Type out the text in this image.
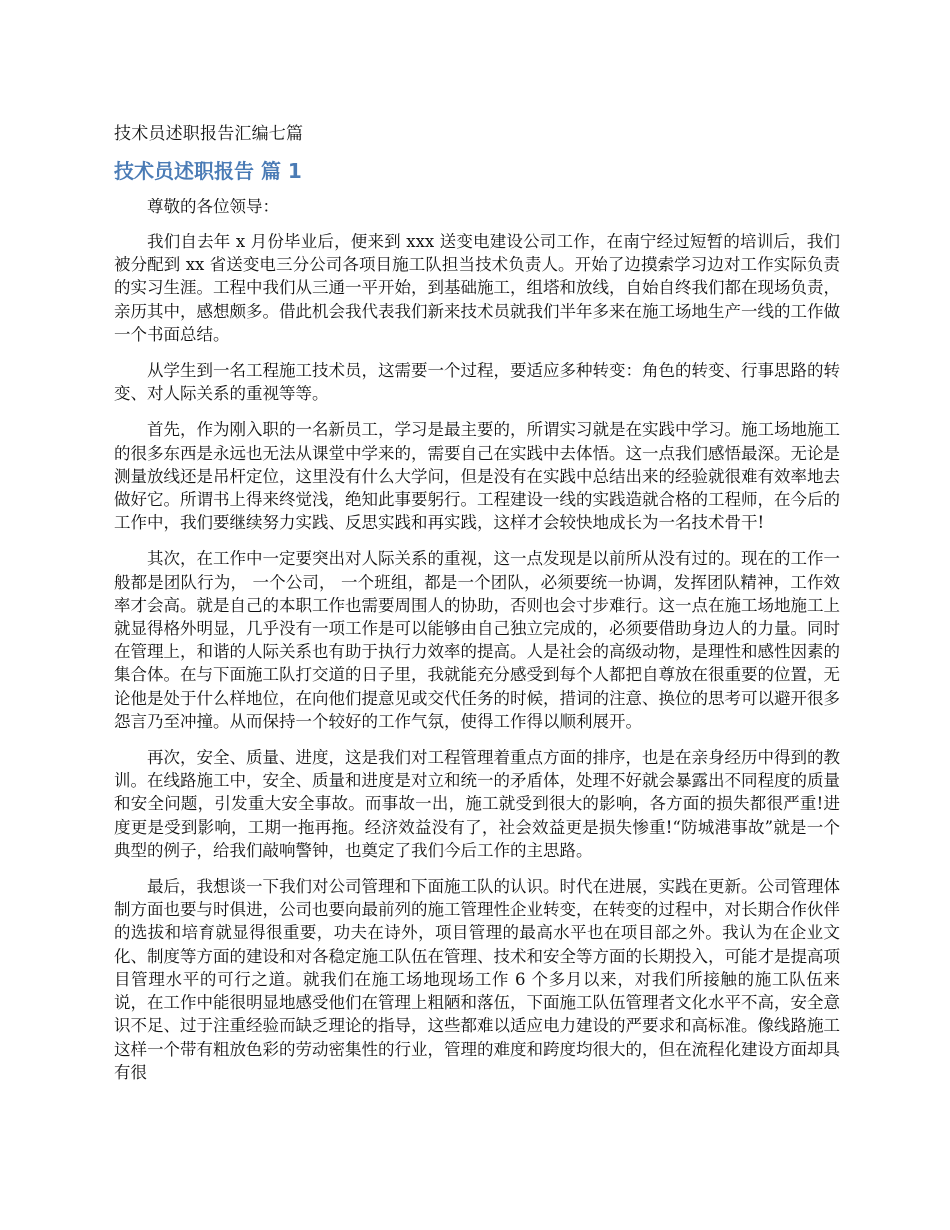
技术员述职报告汇编七篇
技术员述职报告 篇 1

尊敬的各位领导：

我们自去年 x 月份毕业后，便来到 xxx 送变电建设公司工作，在南宁经过短暂的培训后，我们被分配到 xx 省送变电三分公司各项目施工队担当技术负责人。开始了边摸索学习边对工作实际负责的实习生涯。工程中我们从三通一平开始，到基础施工，组塔和放线，自始自终我们都在现场负责，亲历其中，感想颇多。借此机会我代表我们新来技术员就我们半年多来在施工场地生产一线的工作做一个书面总结。

从学生到一名工程施工技术员，这需要一个过程，要适应多种转变：角色的转变、行事思路的转变、对人际关系的重视等等。

首先，作为刚入职的一名新员工，学习是最主要的，所谓实习就是在实践中学习。施工场地施工的很多东西是永远也无法从课堂中学来的，需要自己在实践中去体悟。这一点我们感悟最深。无论是测量放线还是吊杆定位，这里没有什么大学问，但是没有在实践中总结出来的经验就很难有效率地去做好它。所谓书上得来终觉浅，绝知此事要躬行。工程建设一线的实践造就合格的工程师，在今后的工作中，我们要继续努力实践、反思实践和再实践，这样才会较快地成长为一名技术骨干!

其次，在工作中一定要突出对人际关系的重视，这一点发现是以前所从没有过的。现在的工作一般都是团队行为， 一个公司， 一个班组，都是一个团队，必须要统一协调，发挥团队精神，工作效率才会高。就是自己的本职工作也需要周围人的协助，否则也会寸步难行。这一点在施工场地施工上就显得格外明显，几乎没有一项工作是可以能够由自己独立完成的，必须要借助身边人的力量。同时在管理上，和谐的人际关系也有助于执行力效率的提高。人是社会的高级动物，是理性和感性因素的集合体。在与下面施工队打交道的日子里，我就能充分感受到每个人都把自尊放在很重要的位置，无论他是处于什么样地位，在向他们提意见或交代任务的时候，措词的注意、换位的思考可以避开很多怨言乃至冲撞。从而保持一个较好的工作气氛，使得工作得以顺利展开。

再次，安全、质量、进度，这是我们对工程管理着重点方面的排序，也是在亲身经历中得到的教训。在线路施工中，安全、质量和进度是对立和统一的矛盾体，处理不好就会暴露出不同程度的质量和安全问题，引发重大安全事故。而事故一出，施工就受到很大的影响，各方面的损失都很严重!进度更是受到影响，工期一拖再拖。经济效益没有了，社会效益更是损失惨重!“防城港事故”就是一个典型的例子，给我们敲响警钟，也奠定了我们今后工作的主思路。

最后，我想谈一下我们对公司管理和下面施工队的认识。时代在进展，实践在更新。公司管理体制方面也要与时俱进，公司也要向最前列的施工管理性企业转变，在转变的过程中，对长期合作伙伴的选拔和培育就显得很重要，功夫在诗外，项目管理的最高水平也在项目部之外。我认为在企业文化、制度等方面的建设和对各稳定施工队伍在管理、技术和安全等方面的长期投入，可能才是提高项目管理水平的可行之道。就我们在施工场地现场工作 6 个多月以来，对我们所接触的施工队伍来说，在工作中能很明显地感受他们在管理上粗陋和落伍，下面施工队伍管理者文化水平不高，安全意识不足、过于注重经验而缺乏理论的指导，这些都难以适应电力建设的严要求和高标准。像线路施工这样一个带有粗放色彩的劳动密集性的行业，管理的难度和跨度均很大的，但在流程化建设方面却具有很
